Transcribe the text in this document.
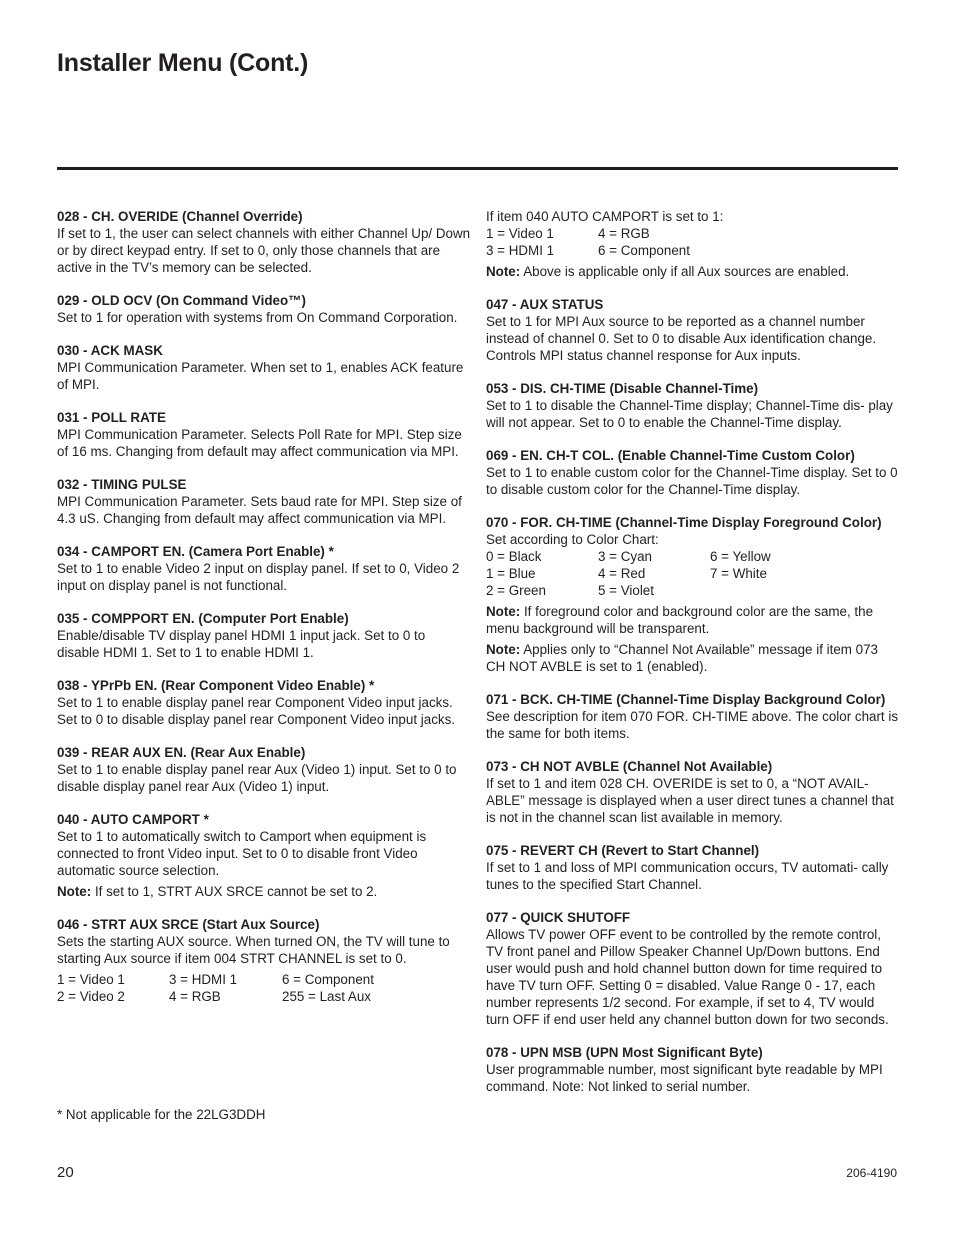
Installer Menu (Cont.)
028 - CH. OVERIDE (Channel Override)
If set to 1, the user can select channels with either Channel Up/ Down or by direct keypad entry. If set to 0, only those channels that are active in the TV’s memory can be selected.
029 - OLD OCV (On Command Video™)
Set to 1 for operation with systems from On Command Corporation.
030 - ACK MASK
MPI Communication Parameter. When set to 1, enables ACK feature of MPI.
031 - POLL RATE
MPI Communication Parameter. Selects Poll Rate for MPI. Step size of 16 ms. Changing from default may affect communication via MPI.
032 - TIMING PULSE
MPI Communication Parameter. Sets baud rate for MPI. Step size of 4.3 uS. Changing from default may affect communication via MPI.
034 - CAMPORT EN. (Camera Port Enable) *
Set to 1 to enable Video 2 input on display panel. If set to 0, Video 2 input on display panel is not functional.
035 - COMPPORT EN. (Computer Port Enable)
Enable/disable TV display panel HDMI 1 input jack. Set to 0 to disable HDMI 1. Set to 1 to enable HDMI 1.
038 - YPrPb EN. (Rear Component Video Enable) *
Set to 1 to enable display panel rear Component Video input jacks. Set to 0 to disable display panel rear Component Video input jacks.
039 - REAR AUX EN. (Rear Aux Enable)
Set to 1 to enable display panel rear Aux (Video 1) input. Set to 0 to disable display panel rear Aux (Video 1) input.
040 - AUTO CAMPORT *
Set to 1 to automatically switch to Camport when equipment is connected to front Video input. Set to 0 to disable front Video automatic source selection.
Note: If set to 1, STRT AUX SRCE cannot be set to 2.
046 - STRT AUX SRCE (Start Aux Source)
Sets the starting AUX source. When turned ON, the TV will tune to starting Aux source if item 004 STRT CHANNEL is set to 0.
1 = Video 1	3 = HDMI 1	6 = Component
2 = Video 2	4 = RGB	255 = Last Aux
If item 040 AUTO CAMPORT is set to 1:
1 = Video 1	4 = RGB
3 = HDMI 1	6 = Component
Note: Above is applicable only if all Aux sources are enabled.
047 - AUX STATUS
Set to 1 for MPI Aux source to be reported as a channel number instead of channel 0. Set to 0 to disable Aux identification change. Controls MPI status channel response for Aux inputs.
053 - DIS. CH-TIME (Disable Channel-Time)
Set to 1 to disable the Channel-Time display; Channel-Time dis- play will not appear. Set to 0 to enable the Channel-Time display.
069 - EN. CH-T COL. (Enable Channel-Time Custom Color)
Set to 1 to enable custom color for the Channel-Time display. Set to 0 to disable custom color for the Channel-Time display.
070 - FOR. CH-TIME (Channel-Time Display Foreground Color)
Set according to Color Chart:
0 = Black	3 = Cyan	6 = Yellow
1 = Blue	4 = Red	7 = White
2 = Green	5 = Violet	
Note: If foreground color and background color are the same, the menu background will be transparent.
Note: Applies only to “Channel Not Available” message if item 073 CH NOT AVBLE is set to 1 (enabled).
071 - BCK. CH-TIME (Channel-Time Display Background Color)
See description for item 070 FOR. CH-TIME above. The color chart is the same for both items.
073 - CH NOT AVBLE (Channel Not Available)
If set to 1 and item 028 CH. OVERIDE is set to 0, a “NOT AVAIL- ABLE” message is displayed when a user direct tunes a channel that is not in the channel scan list available in memory.
075 - REVERT CH (Revert to Start Channel)
If set to 1 and loss of MPI communication occurs, TV automati- cally tunes to the specified Start Channel.
077 - QUICK SHUTOFF
Allows TV power OFF event to be controlled by the remote control, TV front panel and Pillow Speaker Channel Up/Down buttons. End user would push and hold channel button down for time required to have TV turn OFF. Setting 0 = disabled. Value Range 0 - 17, each number represents 1/2 second. For example, if set to 4, TV would turn OFF if end user held any channel button down for two seconds.
078 - UPN MSB (UPN Most Significant Byte)
User programmable number, most significant byte readable by MPI command. Note: Not linked to serial number.
* Not applicable for the 22LG3DDH
20	206-4190
